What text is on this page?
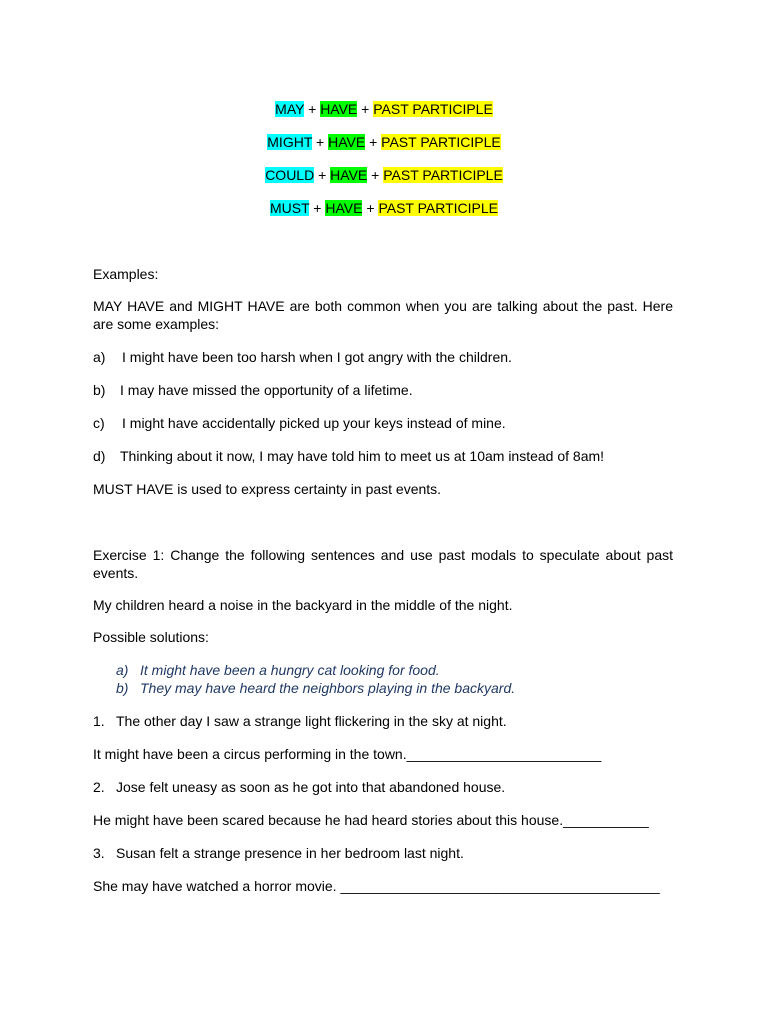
MAY + HAVE + PAST PARTICIPLE
MIGHT + HAVE + PAST PARTICIPLE
COULD + HAVE + PAST PARTICIPLE
MUST + HAVE + PAST PARTICIPLE

Examples:

MAY HAVE and MIGHT HAVE are both common when you are talking about the past. Here are some examples:

a) I might have been too harsh when I got angry with the children.

b) I may have missed the opportunity of a lifetime.

c) I might have accidentally picked up your keys instead of mine.

d) Thinking about it now, I may have told him to meet us at 10am instead of 8am!

MUST HAVE is used to express certainty in past events.

Exercise 1: Change the following sentences and use past modals to speculate about past events.

My children heard a noise in the backyard in the middle of the night.

Possible solutions:

a) It might have been a hungry cat looking for food.
b) They may have heard the neighbors playing in the backyard.

1. The other day I saw a strange light flickering in the sky at night.

It might have been a circus performing in the town._________________________

2. Jose felt uneasy as soon as he got into that abandoned house.

He might have been scared because he had heard stories about this house.___________

3. Susan felt a strange presence in her bedroom last night.

She may have watched a horror movie. _________________________________________
